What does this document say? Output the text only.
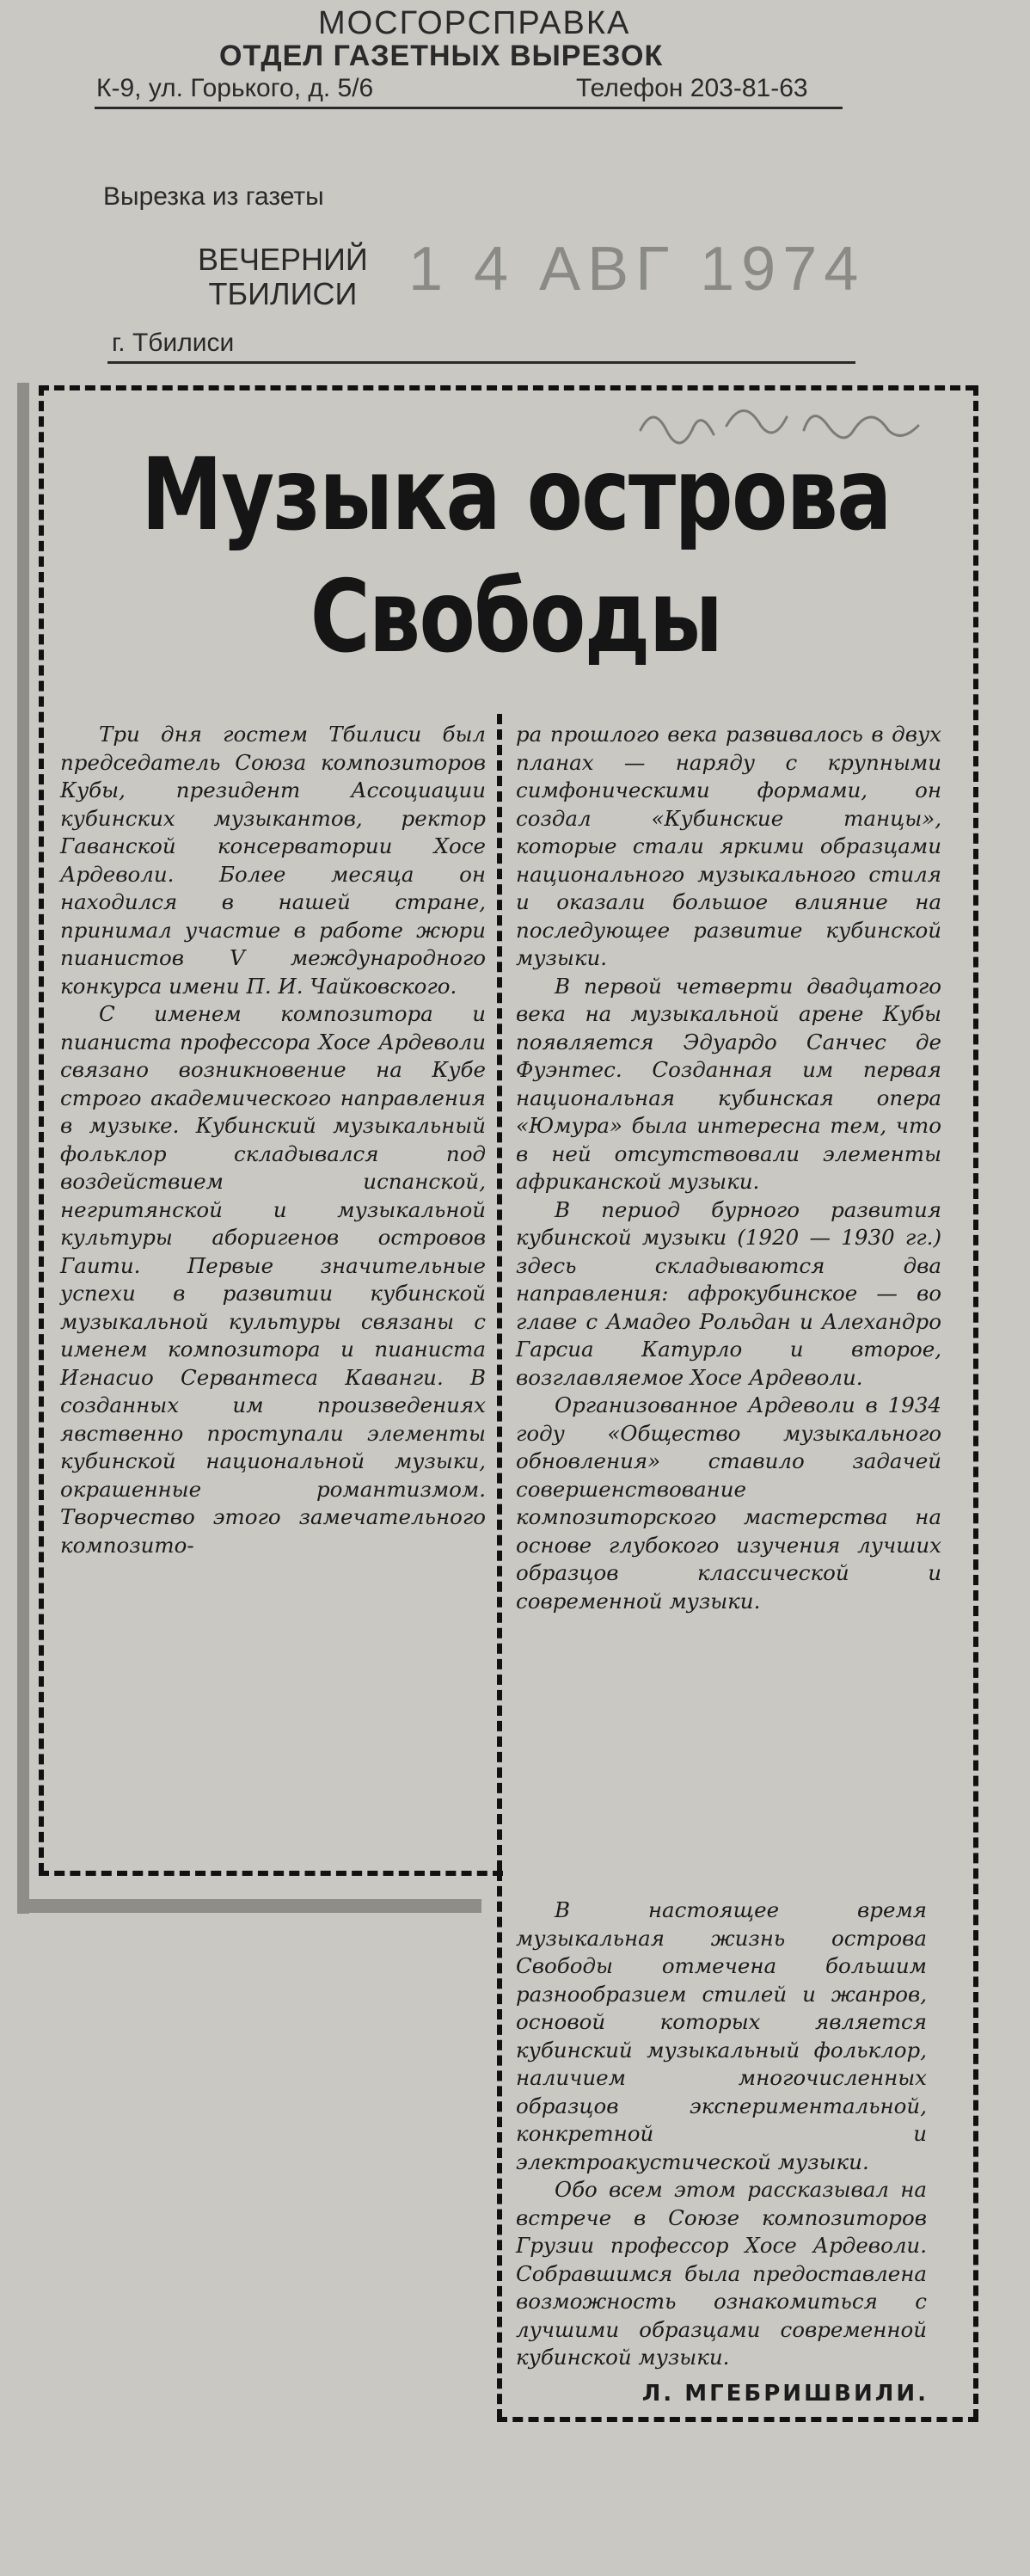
МОСГОРСПРАВКА
ОТДЕЛ ГАЗЕТНЫХ ВЫРЕЗОК
К-9, ул. Горького, д. 5/6	Телефон 203-81-63
Вырезка из газеты
ВЕЧЕРНИЙ
ТБИЛИСИ 1 4 АВГ 1974
г. Тбилиси
Музыка острова
Свободы

Три дня гостем Тбилиси был председатель Союза композиторов Кубы, президент Ассоциации кубинских музыкантов, ректор Гаванской консерватории Хосе Ардеволи. Более месяца он находился в нашей стране, принимал участие в работе жюри пианистов V международного конкурса имени П. И. Чайковского.

С именем композитора и пианиста профессора Хосе Ардеволи связано возникновение на Кубе строго академического направления в музыке. Кубинский музыкальный фольклор складывался под воздействием испанской, негритянской и музыкальной культуры аборигенов островов Гаити. Первые значительные успехи в развитии кубинской музыкальной культуры связаны с именем композитора и пианиста Игнасио Сервантеса Каванги. В созданных им произведениях явственно проступали элементы кубинской национальной музыки, окрашенные романтизмом. Творчество этого замечательного композито-

ра прошлого века развивалось в двух планах — наряду с крупными симфоническими формами, он создал «Кубинские танцы», которые стали яркими образцами национального музыкального стиля и оказали большое влияние на последующее развитие кубинской музыки.

В первой четверти двадцатого века на музыкальной арене Кубы появляется Эдуардо Санчес де Фуэнтес. Созданная им первая национальная кубинская опера «Юмура» была интересна тем, что в ней отсутствовали элементы африканской музыки.

В период бурного развития кубинской музыки (1920 — 1930 гг.) здесь складываются два направления: афрокубинское — во главе с Амадео Рольдан и Алехандро Гарсиа Катурло и второе, возглавляемое Хосе Ардеволи.

Организованное Ардеволи в 1934 году «Общество музыкального обновления» ставило задачей совершенствование композиторского мастерства на основе глубокого изучения лучших образцов классической и современной музыки.

В настоящее время музыкальная жизнь острова Свободы отмечена большим разнообразием стилей и жанров, основой которых является кубинский музыкальный фольклор, наличием многочисленных образцов экспериментальной, конкретной и электроакустической музыки.

Обо всем этом рассказывал на встрече в Союзе композиторов Грузии профессор Хосе Ардеволи. Собравшимся была предоставлена возможность ознакомиться с лучшими образцами современной кубинской музыки.

Л. МГЕБРИШВИЛИ.
